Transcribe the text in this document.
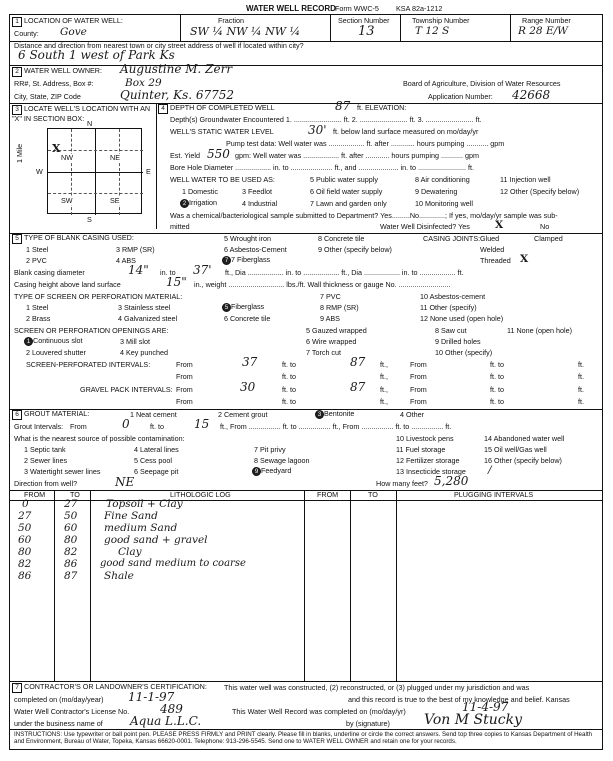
WATER WELL RECORD Form WWC-5 KSA 82a-1212
1 LOCATION OF WATER WELL:
County: Gove
Fraction
SW ¼ NW ¼ NW ¼
Section Number
13
Township Number
T 12 S
Range Number
R 28 E/W
Distance and direction from nearest town or city street address of well if located within city?
6 South 1 west of Park Ks
2 WATER WELL OWNER: Augustine M. Zerr
RR#, St. Address, Box #:	Box 29	Board of Agriculture, Division of Water Resources
City, State, ZIP Code	Quinter, Ks. 67752	Application Number: 42668
3 LOCATE WELL'S LOCATION WITH AN "X" IN SECTION BOX:
N
S
W	E
1 Mile	NW	NE
SW	SE
X
4 DEPTH OF COMPLETED WELL	87 ft. ELEVATION:
Depth(s) Groundwater Encountered 1. ........................ ft. 2. ........................ ft. 3. ........................ ft.
WELL'S STATIC WATER LEVEL	30' ft. below land surface measured on mo/day/yr
Pump test data: Well water was .................. ft. after ............ hours pumping ........... gpm
Est. Yield 550 gpm: Well water was .................. ft. after ............ hours pumping ........... gpm
Bore Hole Diameter .................. in. to ..................... ft., and .................... in. to ........................ ft.
WELL WATER TO BE USED AS:	5 Public water supply	8 Air conditioning	11 Injection well
1 Domestic	3 Feedlot	6 Oil field water supply	9 Dewatering	12 Other (Specify below)
2 Irrigation	4 Industrial	7 Lawn and garden only	10 Monitoring well
Was a chemical/bacteriological sample submitted to Department? Yes.........No.............; If yes, mo/day/yr sample was sub-
mitted	Water Well Disinfected? Yes X	No
5 TYPE OF BLANK CASING USED:	5 Wrought iron	8 Concrete tile	CASING JOINTS: Glued	Clamped
1 Steel	3 RMP (SR)	6 Asbestos-Cement	9 Other (specify below)	Welded
2 PVC	4 ABS	7 7 Fiberglass	Threaded X
Blank casing diameter	14" in. to 37' ft., Dia .................. in. to .................. ft., Dia .................. in. to .................. ft.
Casing height above land surface	15" in., weight ............................ lbs./ft. Wall thickness or gauge No. ..........................
TYPE OF SCREEN OR PERFORATION MATERIAL:	7 PVC	10 Asbestos-cement
1 Steel	3 Stainless steel	5 Fiberglass	8 RMP (SR)	11 Other (specify)
2 Brass	4 Galvanized steel	6 Concrete tile	9 ABS	12 None used (open hole)
SCREEN OR PERFORATION OPENINGS ARE:	5 Gauzed wrapped	8 Saw cut	11 None (open hole)
1 Continuous slot	3 Mill slot	6 Wire wrapped	9 Drilled holes
2 Louvered shutter	4 Key punched	7 Torch cut	10 Other (specify)
SCREEN-PERFORATED INTERVALS:	From	37	ft. to	87 ft.,	From	ft. to	ft.
From	ft. to	ft.,	From	ft. to	ft.
GRAVEL PACK INTERVALS: From	30	ft. to	87 ft.,	From	ft. to	ft.
From	ft. to	ft.,	From	ft. to	ft.
6 GROUT MATERIAL:	1 Neat cement	2 Cement grout	3 Bentonite	4 Other
Grout Intervals: From	0	ft. to	15 ft., From ................ ft. to ................ ft., From ................ ft. to ................ ft.
What is the nearest source of possible contamination:	10 Livestock pens	14 Abandoned water well
1 Septic tank	4 Lateral lines	7 Pit privy	11 Fuel storage	15 Oil well/Gas well
2 Sewer lines	5 Cess pool	8 Sewage lagoon	12 Fertilizer storage	16 Other (specify below)
3 Watertight sewer lines	6 Seepage pit	9 Feedyard	13 Insecticide storage /
Direction from well?	NE	How many feet? 5,280
FROM	TO	LITHOLOGIC LOG	FROM	TO	PLUGGING INTERVALS
0	27	Topsoil + Clay
27	50	Fine Sand
50	60	medium Sand
60	80	good sand + gravel
80	82	Clay
82	86 good sand medium to coarse
86	87	Shale
7 CONTRACTOR'S OR LANDOWNER'S CERTIFICATION: This water well was constructed, (2) reconstructed, or (3) plugged under my jurisdiction and was
completed on (mo/day/year) 11-1-97	and this record is true to the best of my knowledge and belief. Kansas
Water Well Contractor's License No.	489	This Water Well Record was completed on (mo/day/yr)	11-4-97
under the business name of Aqua L.L.C.	by (signature) Von M Stucky
INSTRUCTIONS: Use typewriter or ball point pen. PLEASE PRESS FIRMLY and PRINT clearly. Please fill in blanks, underline or circle the correct answers. Send top three copies to Kansas Department of Health and Environment, Bureau of Water, Topeka, Kansas 66620-0001. Telephone: 913-296-5545. Send one to WATER WELL OWNER and retain one for your records.
